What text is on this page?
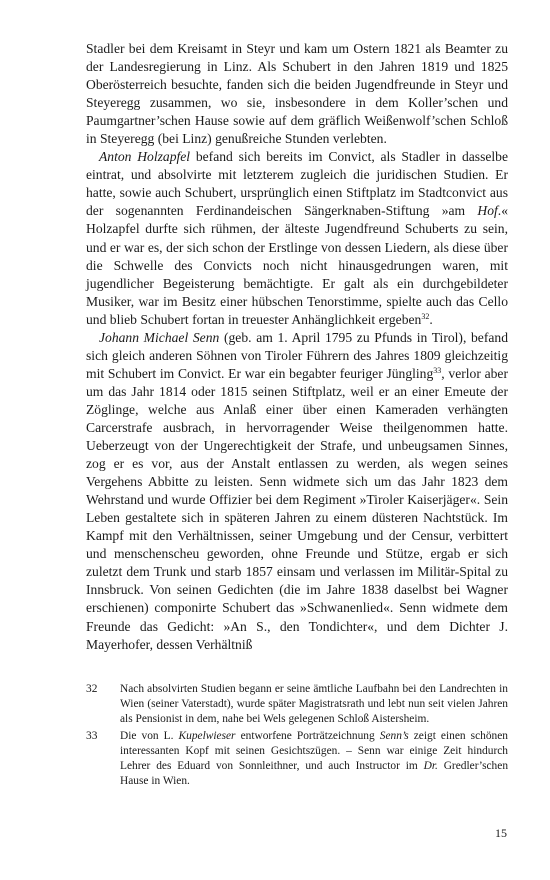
Stadler bei dem Kreisamt in Steyr und kam um Ostern 1821 als Beamter zu der Landesregierung in Linz. Als Schubert in den Jahren 1819 und 1825 Oberösterreich besuchte, fanden sich die beiden Jugendfreunde in Steyr und Steyeregg zusammen, wo sie, insbesondere in dem Koller’schen und Paumgartner’schen Hause sowie auf dem gräflich Weißenwolf’schen Schloß in Steyeregg (bei Linz) genußreiche Stunden verlebten.

Anton Holzapfel befand sich bereits im Convict, als Stadler in dasselbe eintrat, und absolvirte mit letzterem zugleich die juridischen Studien. Er hatte, sowie auch Schubert, ursprünglich einen Stiftplatz im Stadtconvict aus der sogenannten Ferdinandeischen Sängerknaben-Stiftung »am Hof.« Holzapfel durfte sich rühmen, der älteste Jugendfreund Schuberts zu sein, und er war es, der sich schon der Erstlinge von dessen Liedern, als diese über die Schwelle des Convicts noch nicht hinausgedrungen waren, mit jugendlicher Begeisterung bemächtigte. Er galt als ein durchgebildeter Musiker, war im Besitz einer hübschen Tenorstimme, spielte auch das Cello und blieb Schubert fortan in treuester Anhänglichkeit ergeben$^{32}$.

Johann Michael Senn (geb. am 1. April 1795 zu Pfunds in Tirol), befand sich gleich anderen Söhnen von Tiroler Führern des Jahres 1809 gleichzeitig mit Schubert im Convict. Er war ein begabter feuriger Jüngling$^{33}$, verlor aber um das Jahr 1814 oder 1815 seinen Stiftplatz, weil er an einer Emeute der Zöglinge, welche aus Anlaß einer über einen Kameraden verhängten Carcerstrafe ausbrach, in hervorragender Weise theilgenommen hatte. Ueberzeugt von der Ungerechtigkeit der Strafe, und unbeugsamen Sinnes, zog er es vor, aus der Anstalt entlassen zu werden, als wegen seines Vergehens Abbitte zu leisten. Senn widmete sich um das Jahr 1823 dem Wehrstand und wurde Offizier bei dem Regiment »Tiroler Kaiserjäger«. Sein Leben gestaltete sich in späteren Jahren zu einem düsteren Nachtstück. Im Kampf mit den Verhältnissen, seiner Umgebung und der Censur, verbittert und menschenscheu geworden, ohne Freunde und Stütze, ergab er sich zuletzt dem Trunk und starb 1857 einsam und verlassen im Militär-Spital zu Innsbruck. Von seinen Gedichten (die im Jahre 1838 daselbst bei Wagner erschienen) componirte Schubert das »Schwanenlied«. Senn widmete dem Freunde das Gedicht: »An S., den Tondichter«, und dem Dichter J. Mayerhofer, dessen Verhältniß

32	Nach absolvirten Studien begann er seine ämtliche Laufbahn bei den Landrechten in Wien (seiner Vaterstadt), wurde später Magistratsrath und lebt nun seit vielen Jahren als Pensionist in dem, nahe bei Wels gelegenen Schloß Aistersheim.
33	Die von L. Kupelwieser entworfene Porträtzeichnung Senn’s zeigt einen schönen interessanten Kopf mit seinen Gesichtszügen. – Senn war einige Zeit hindurch Lehrer des Eduard von Sonnleithner, und auch Instructor im Dr. Gredler’schen Hause in Wien.
15
